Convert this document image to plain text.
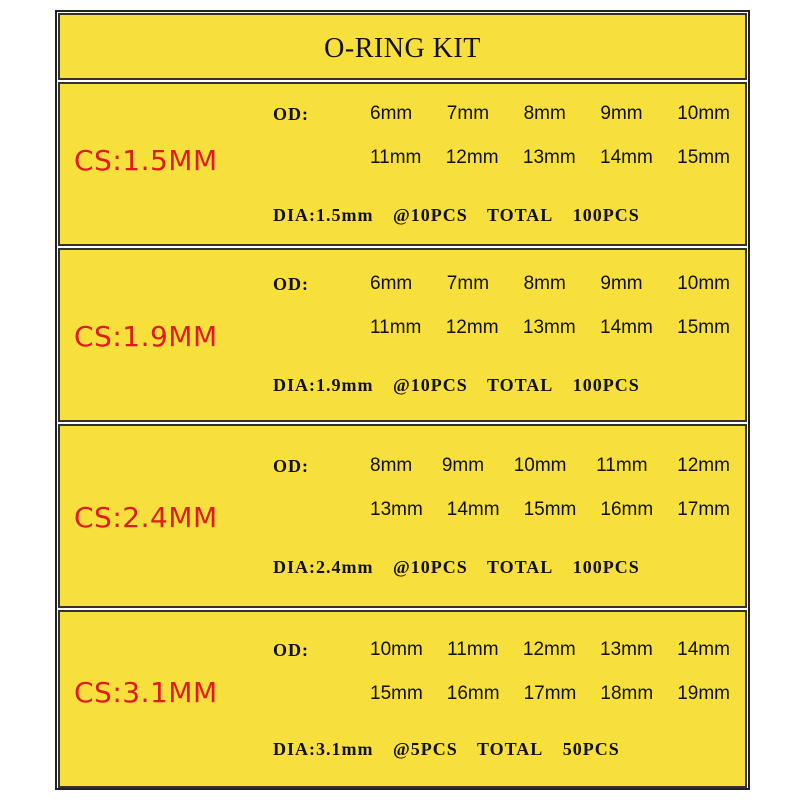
O-RING KIT
CS:1.5MM
OD:	6mm 7mm 8mm 9mm 10mm
11mm 12mm 13mm 14mm 15mm
DIA:1.5mm @10PCS TOTAL 100PCS
CS:1.9MM
OD:	6mm 7mm 8mm 9mm 10mm
11mm 12mm 13mm 14mm 15mm
DIA:1.9mm @10PCS TOTAL 100PCS
CS:2.4MM
OD:	8mm 9mm 10mm 11mm 12mm
13mm 14mm 15mm 16mm 17mm
DIA:2.4mm @10PCS TOTAL 100PCS
CS:3.1MM
OD:	10mm 11mm 12mm 13mm 14mm
15mm 16mm 17mm 18mm 19mm
DIA:3.1mm @5PCS TOTAL 50PCS
